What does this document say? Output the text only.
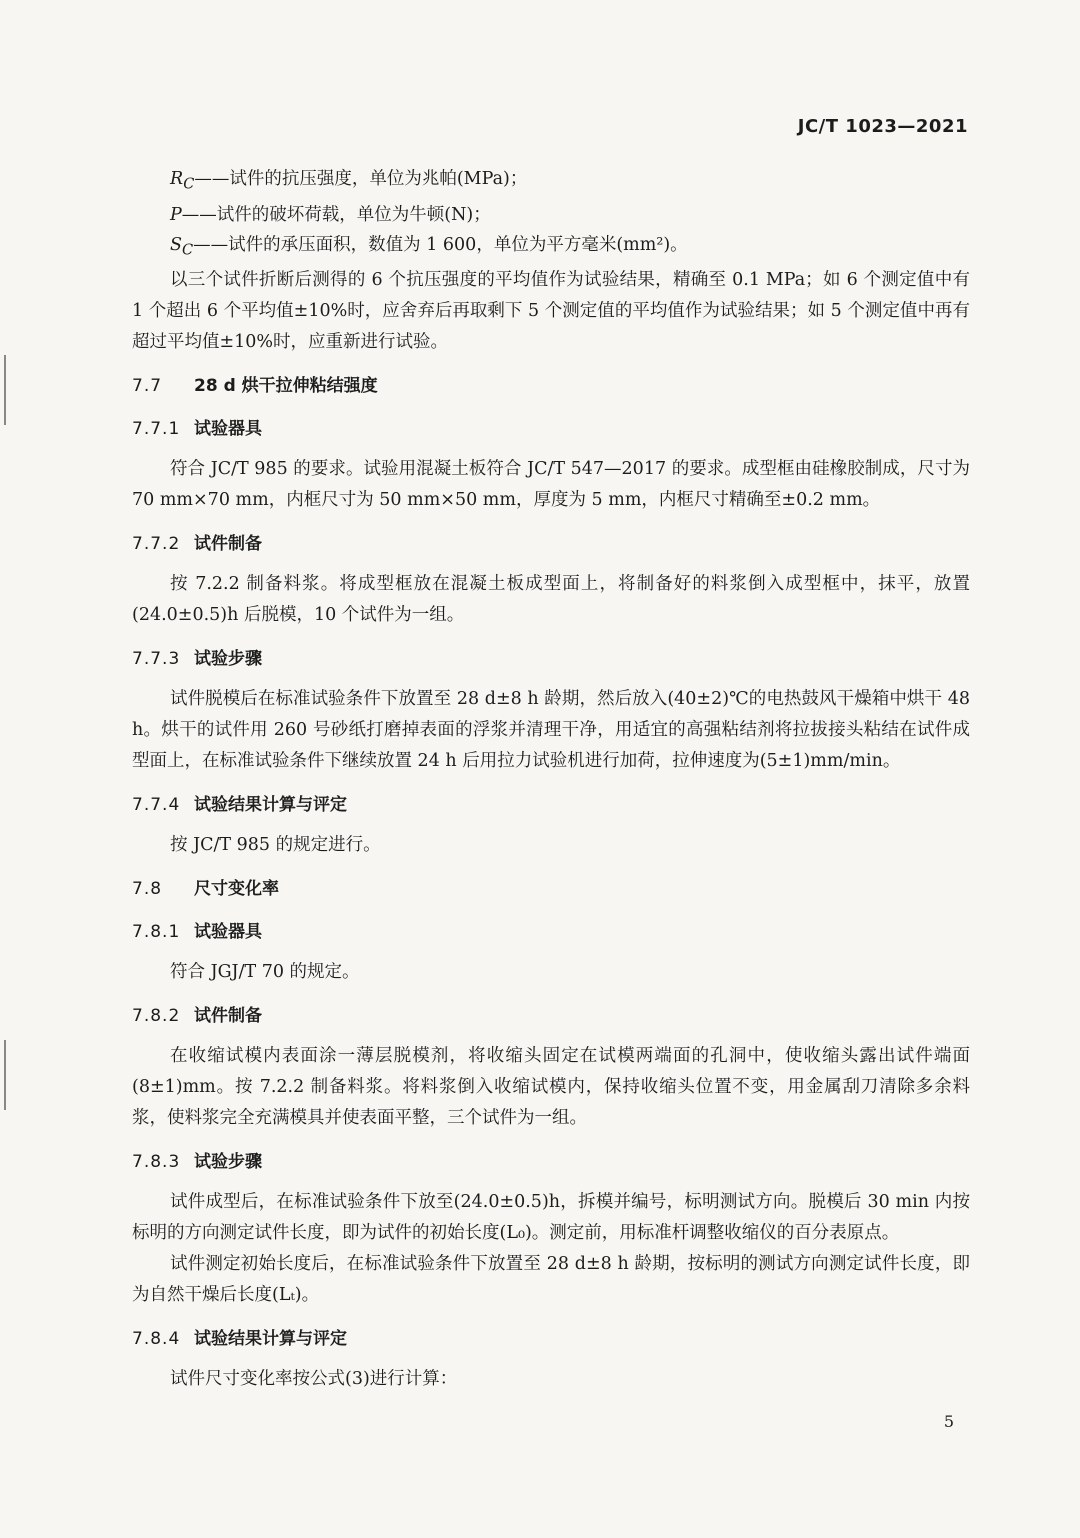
JC/T 1023—2021

$R_C——$试件的抗压强度，单位为兆帕(MPa)；

P——试件的破坏荷载，单位为牛顿(N)；

$S_C——$试件的承压面积，数值为 1 600，单位为平方毫米(mm²)。

以三个试件折断后测得的 6 个抗压强度的平均值作为试验结果，精确至 0.1 MPa；如 6 个测定值中有 1 个超出 6 个平均值±10%时，应舍弃后再取剩下 5 个测定值的平均值作为试验结果；如 5 个测定值中再有超过平均值±10%时，应重新进行试验。

7.7 28 d 烘干拉伸粘结强度
7.7.1 试验器具

符合 JC/T 985 的要求。试验用混凝土板符合 JC/T 547—2017 的要求。成型框由硅橡胶制成，尺寸为 70 mm×70 mm，内框尺寸为 50 mm×50 mm，厚度为 5 mm，内框尺寸精确至±0.2 mm。

7.7.2 试件制备

按 7.2.2 制备料浆。将成型框放在混凝土板成型面上，将制备好的料浆倒入成型框中，抹平，放置(24.0±0.5)h 后脱模，10 个试件为一组。

7.7.3 试验步骤

试件脱模后在标准试验条件下放置至 28 d±8 h 龄期，然后放入(40±2)℃的电热鼓风干燥箱中烘干 48 h。烘干的试件用 260 号砂纸打磨掉表面的浮浆并清理干净，用适宜的高强粘结剂将拉拔接头粘结在试件成型面上，在标准试验条件下继续放置 24 h 后用拉力试验机进行加荷，拉伸速度为(5±1)mm/min。

7.7.4 试验结果计算与评定

按 JC/T 985 的规定进行。

7.8 尺寸变化率
7.8.1 试验器具

符合 JGJ/T 70 的规定。

7.8.2 试件制备

在收缩试模内表面涂一薄层脱模剂，将收缩头固定在试模两端面的孔洞中，使收缩头露出试件端面(8±1)mm。按 7.2.2 制备料浆。将料浆倒入收缩试模内，保持收缩头位置不变，用金属刮刀清除多余料浆，使料浆完全充满模具并使表面平整，三个试件为一组。

7.8.3 试验步骤

试件成型后，在标准试验条件下放至(24.0±0.5)h，拆模并编号，标明测试方向。脱模后 30 min 内按标明的方向测定试件长度，即为试件的初始长度(L₀)。测定前，用标准杆调整收缩仪的百分表原点。

试件测定初始长度后，在标准试验条件下放置至 28 d±8 h 龄期，按标明的测试方向测定试件长度，即为自然干燥后长度(Lₜ)。

7.8.4 试验结果计算与评定

试件尺寸变化率按公式(3)进行计算：

5
